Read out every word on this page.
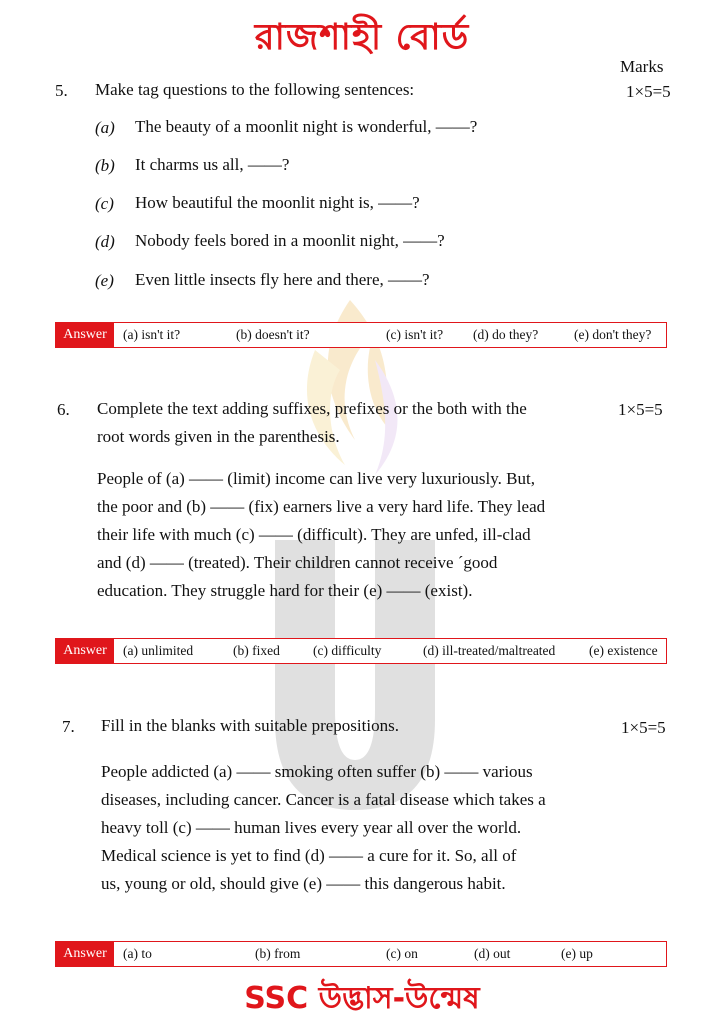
রাজশাহী বোর্ড
Marks
5. Make tag questions to the following sentences:	1×5=5
(a) The beauty of a moonlit night is wonderful, ——?
(b) It charms us all, ——?
(c) How beautiful the moonlit night is, ——?
(d) Nobody feels bored in a moonlit night, ——?
(e) Even little insects fly here and there, ——?
Answer	(a) isn't it?	(b) doesn't it?	(c) isn't it? (d) do they?	(e) don't they?
6. Complete the text adding suffixes, prefixes or the both with the
root words given in the parenthesis.
1×5=5
People of (a) —— (limit) income can live very luxuriously. But,
the poor and (b) —— (fix) earners live a very hard life. They lead
their life with much (c) —— (difficult). They are unfed, ill-clad
and (d) —— (treated). Their children cannot receive ´good
education. They struggle hard for their (e) —— (exist).
Answer	(a) unlimited	(b) fixed (c) difficulty	(d) ill-treated/maltreated (e) existence
7. Fill in the blanks with suitable prepositions.	1×5=5
People addicted (a) —— smoking often suffer (b) —— various
diseases, including cancer. Cancer is a fatal disease which takes a
heavy toll (c) —— human lives every year all over the world.
Medical science is yet to find (d) —— a cure for it. So, all of
us, young or old, should give (e) —— this dangerous habit.
Answer	(a) to	(b) from	(c) on	(d) out	(e) up
SSC উদ্ভাস-উন্মেষ
